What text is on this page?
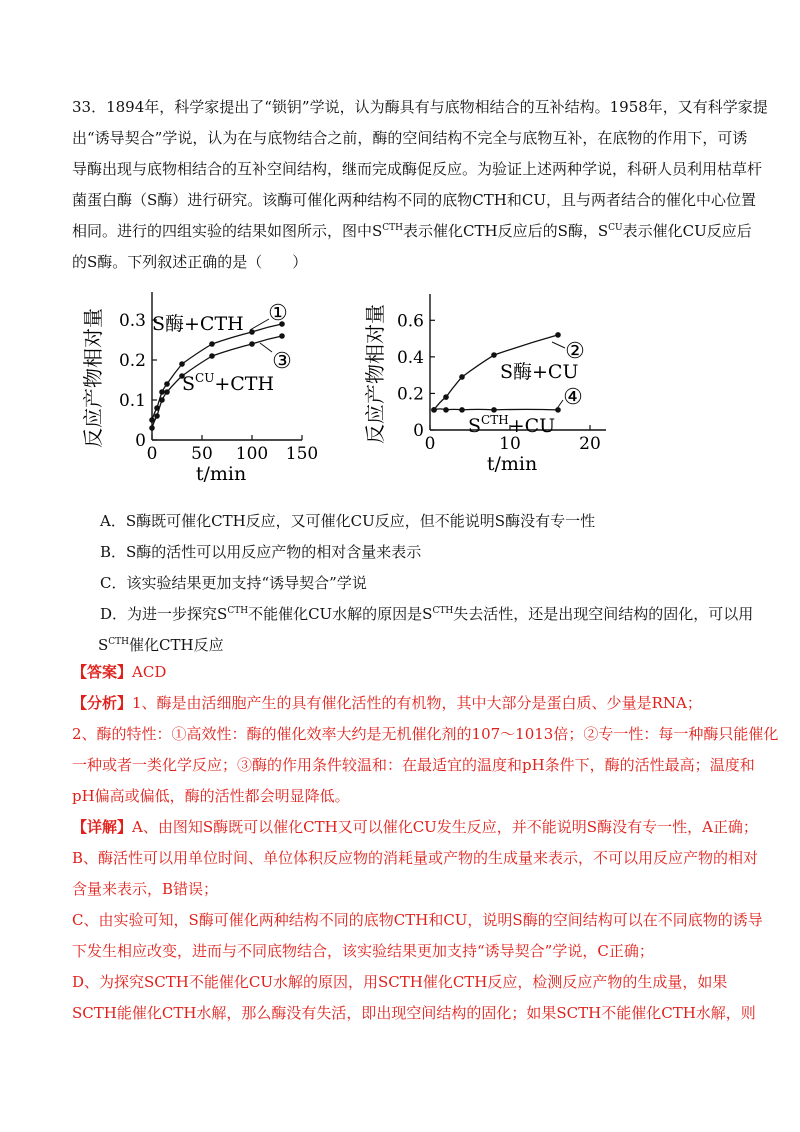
33．1894年，科学家提出了“锁钥”学说，认为酶具有与底物相结合的互补结构。1958年，又有科学家提

出“诱导契合”学说，认为在与底物结合之前，酶的空间结构不完全与底物互补，在底物的作用下，可诱

导酶出现与底物相结合的互补空间结构，继而完成酶促反应。为验证上述两种学说，科研人员利用枯草杆

菌蛋白酶（S酶）进行研究。该酶可催化两种结构不同的底物CTH和CU，且与两者结合的催化中心位置

相同。进行的四组实验的结果如图所示，图中$S^{CTH}$表示催化CTH反应后的S酶，$S^{CU}$表示催化CU反应后

的S酶。下列叙述正确的是（　　）

0
0.1
0.2
0.3
0 50 100 150
t/min
反应产物相对量	①
S酶+CTH
③
$S^{CU}+CTH$
0
0.2
0.4
0.6
0	10	20
t/min
反应产物相对量	②
S酶+CU
④
$S^{CTH}+CU$

A．S酶既可催化CTH反应，又可催化CU反应，但不能说明S酶没有专一性

B．S酶的活性可以用反应产物的相对含量来表示

C．该实验结果更加支持“诱导契合”学说

D．为进一步探究$S^{CTH}$不能催化CU水解的原因是$S^{CTH}$失去活性，还是出现空间结构的固化，可以用

$S^{CTH}$催化CTH反应

【答案】ACD

【分析】1、酶是由活细胞产生的具有催化活性的有机物，其中大部分是蛋白质、少量是RNA；

2、酶的特性：①高效性：酶的催化效率大约是无机催化剂的107～1013倍；②专一性：每一种酶只能催化

一种或者一类化学反应；③酶的作用条件较温和：在最适宜的温度和pH条件下，酶的活性最高；温度和

pH偏高或偏低，酶的活性都会明显降低。

【详解】A、由图知S酶既可以催化CTH又可以催化CU发生反应，并不能说明S酶没有专一性，A正确；

B、酶活性可以用单位时间、单位体积反应物的消耗量或产物的生成量来表示，不可以用反应产物的相对

含量来表示，B错误；

C、由实验可知，S酶可催化两种结构不同的底物CTH和CU，说明S酶的空间结构可以在不同底物的诱导

下发生相应改变，进而与不同底物结合，该实验结果更加支持“诱导契合”学说，C正确；

D、为探究SCTH不能催化CU水解的原因，用SCTH催化CTH反应，检测反应产物的生成量，如果

SCTH能催化CTH水解，那么酶没有失活，即出现空间结构的固化；如果SCTH不能催化CTH水解，则
